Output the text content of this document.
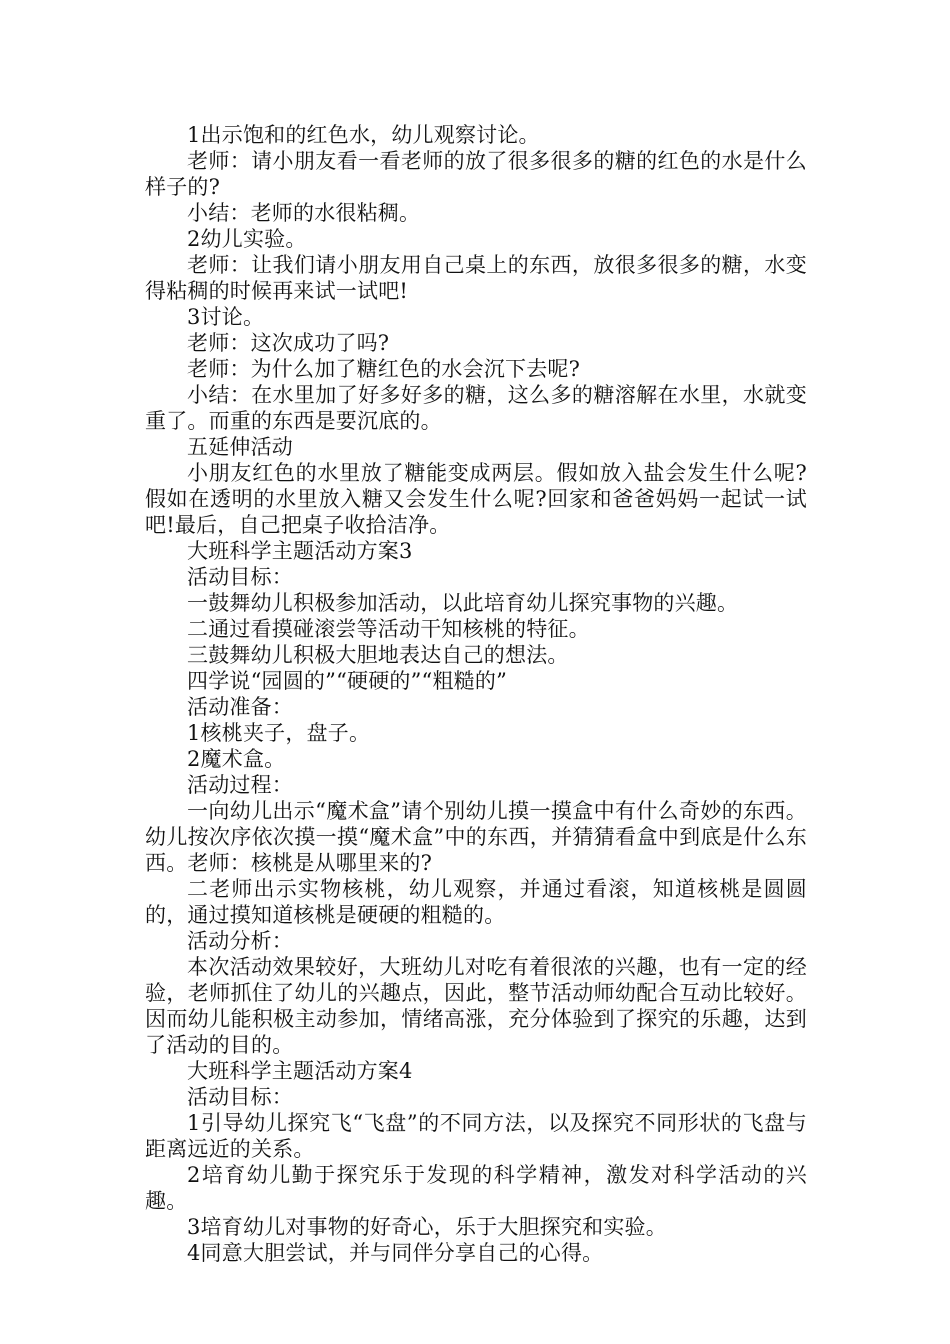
1出示饱和的红色水，幼儿观察讨论。

老师：请小朋友看一看老师的放了很多很多的糖的红色的水是什么样子的?

小结：老师的水很粘稠。

2幼儿实验。

老师：让我们请小朋友用自己桌上的东西，放很多很多的糖，水变得粘稠的时候再来试一试吧!

3讨论。

老师：这次成功了吗?

老师：为什么加了糖红色的水会沉下去呢?

小结：在水里加了好多好多的糖，这么多的糖溶解在水里，水就变重了。而重的东西是要沉底的。

五延伸活动

小朋友红色的水里放了糖能变成两层。假如放入盐会发生什么呢?假如在透明的水里放入糖又会发生什么呢?回家和爸爸妈妈一起试一试吧!最后，自己把桌子收拾洁净。

大班科学主题活动方案3

活动目标：

一鼓舞幼儿积极参加活动，以此培育幼儿探究事物的兴趣。

二通过看摸碰滚尝等活动干知核桃的特征。

三鼓舞幼儿积极大胆地表达自己的想法。

四学说“园圆的”“硬硬的”“粗糙的”

活动准备：

1核桃夹子，盘子。

2魔术盒。

活动过程：

一向幼儿出示“魔术盒”请个别幼儿摸一摸盒中有什么奇妙的东西。幼儿按次序依次摸一摸“魔术盒”中的东西，并猜猜看盒中到底是什么东西。老师：核桃是从哪里来的?

二老师出示实物核桃，幼儿观察，并通过看滚，知道核桃是圆圆的，通过摸知道核桃是硬硬的粗糙的。

活动分析：

本次活动效果较好，大班幼儿对吃有着很浓的兴趣，也有一定的经验，老师抓住了幼儿的兴趣点，因此，整节活动师幼配合互动比较好。因而幼儿能积极主动参加，情绪高涨，充分体验到了探究的乐趣，达到了活动的目的。

大班科学主题活动方案4

活动目标：

1引导幼儿探究飞“飞盘”的不同方法，以及探究不同形状的飞盘与距离远近的关系。

2培育幼儿勤于探究乐于发现的科学精神，激发对科学活动的兴趣。

3培育幼儿对事物的好奇心，乐于大胆探究和实验。

4同意大胆尝试，并与同伴分享自己的心得。
